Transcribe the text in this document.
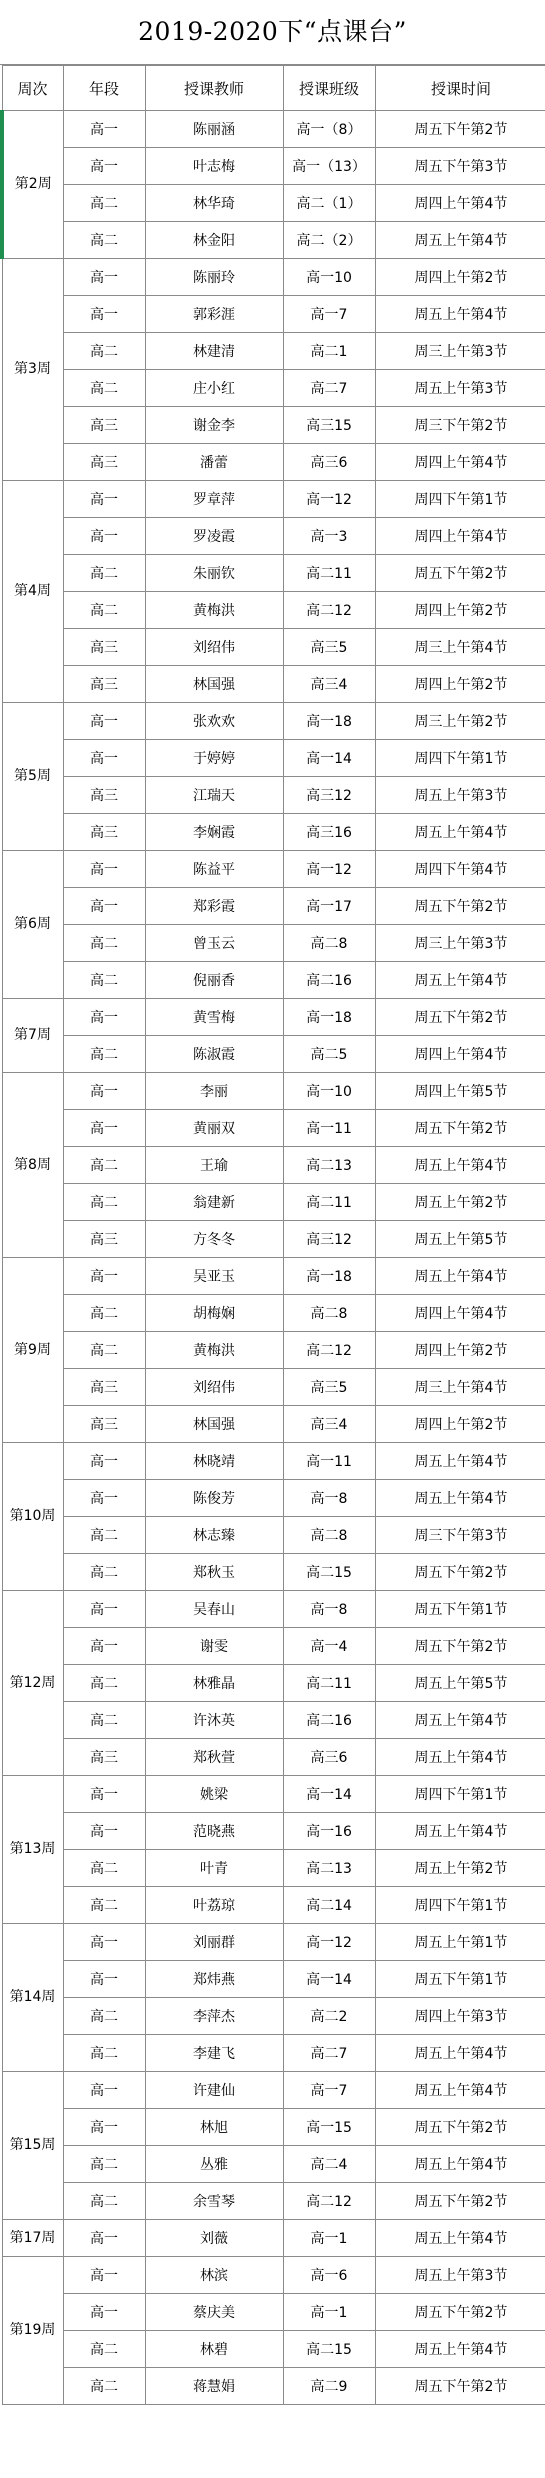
2019-2020下“点课台”
周次	年段	授课教师	授课班级	授课时间
第2周	高一	陈丽涵	高一（8）	周五下午第2节
	高一	叶志梅	高一（13）	周五下午第3节
	高二	林华琦	高二（1）	周四上午第4节
	高二	林金阳	高二（2）	周五上午第4节
第3周	高一	陈丽玲	高一10	周四上午第2节
	高一	郭彩涯	高一7	周五上午第4节
	高二	林建清	高二1	周三上午第3节
	高二	庄小红	高二7	周五上午第3节
	高三	谢金李	高三15	周三下午第2节
	高三	潘蕾	高三6	周四上午第4节
第4周	高一	罗章萍	高一12	周四下午第1节
	高一	罗凌霞	高一3	周四上午第4节
	高二	朱丽钦	高二11	周五下午第2节
	高二	黄梅洪	高二12	周四上午第2节
	高三	刘绍伟	高三5	周三上午第4节
	高三	林国强	高三4	周四上午第2节
第5周	高一	张欢欢	高一18	周三上午第2节
	高一	于婷婷	高一14	周四下午第1节
	高三	江瑞天	高三12	周五上午第3节
	高三	李娴霞	高三16	周五上午第4节
第6周	高一	陈益平	高一12	周四下午第4节
	高一	郑彩霞	高一17	周五下午第2节
	高二	曾玉云	高二8	周三上午第3节
	高二	倪丽香	高二16	周五上午第4节
第7周	高一	黄雪梅	高一18	周五下午第2节
	高二	陈淑霞	高二5	周四上午第4节
第8周	高一	李丽	高一10	周四上午第5节
	高一	黄丽双	高一11	周五下午第2节
	高二	王瑜	高二13	周五上午第4节
	高二	翁建新	高二11	周五上午第2节
	高三	方冬冬	高三12	周五上午第5节
第9周	高一	吴亚玉	高一18	周五上午第4节
	高二	胡梅娴	高二8	周四上午第4节
	高二	黄梅洪	高二12	周四上午第2节
	高三	刘绍伟	高三5	周三上午第4节
	高三	林国强	高三4	周四上午第2节
第10周	高一	林晓靖	高一11	周五上午第4节
	高一	陈俊芳	高一8	周五上午第4节
	高二	林志臻	高二8	周三下午第3节
	高二	郑秋玉	高二15	周五下午第2节
第12周	高一	吴春山	高一8	周五下午第1节
	高一	谢雯	高一4	周五下午第2节
	高二	林雅晶	高二11	周五上午第5节
	高二	许沐英	高二16	周五上午第4节
	高三	郑秋萱	高三6	周五上午第4节
第13周	高一	姚梁	高一14	周四下午第1节
	高一	范晓燕	高一16	周五上午第4节
	高二	叶青	高二13	周五上午第2节
	高二	叶荔琼	高二14	周四下午第1节
第14周	高一	刘丽群	高一12	周五上午第1节
	高一	郑炜燕	高一14	周五下午第1节
	高二	李萍杰	高二2	周四上午第3节
	高二	李建飞	高二7	周五上午第4节
第15周	高一	许建仙	高一7	周五上午第4节
	高一	林旭	高一15	周五下午第2节
	高二	丛雅	高二4	周五上午第4节
	高二	余雪琴	高二12	周五下午第2节
第17周	高一	刘薇	高一1	周五上午第4节
第19周	高一	林滨	高一6	周五上午第3节
	高一	蔡庆美	高一1	周五下午第2节
	高二	林碧	高二15	周五上午第4节
	高二	蒋慧娟	高二9	周五下午第2节
